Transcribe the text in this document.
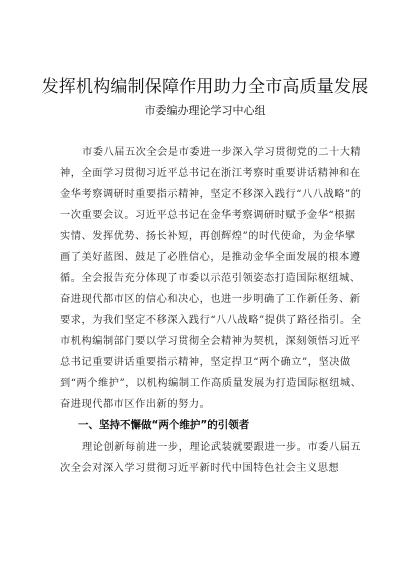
发挥机构编制保障作用助力全市高质量发展
市委编办理论学习中心组
市委八届五次全会是市委进一步深入学习贯彻党的二十大精神，全面学习贯彻习近平总书记在浙江考察时重要讲话精神和在金华考察调研时重要指示精神，坚定不移深入践行“八八战略”的一次重要会议。习近平总书记在金华考察调研时赋予金华“根据实情、发挥优势、扬长补短，再创辉煌”的时代使命，为金华擘画了美好蓝图、鼓足了必胜信心，是推动金华全面发展的根本遵循。全会报告充分体现了市委以示范引领姿态打造国际枢纽城、奋进现代都市区的信心和决心，也进一步明确了工作新任务、新要求，为我们坚定不移深入践行“八八战略”提供了路径指引。全市机构编制部门要以学习贯彻全会精神为契机，深刻领悟习近平总书记重要讲话重要指示精神，坚定捍卫“两个确立”，坚决做到“两个维护”，以机构编制工作高质量发展为打造国际枢纽城、奋进现代都市区作出新的努力。
一、坚持不懈做“两个维护”的引领者
理论创新每前进一步，理论武装就要跟进一步。市委八届五次全会对深入学习贯彻习近平新时代中国特色社会主义思想
